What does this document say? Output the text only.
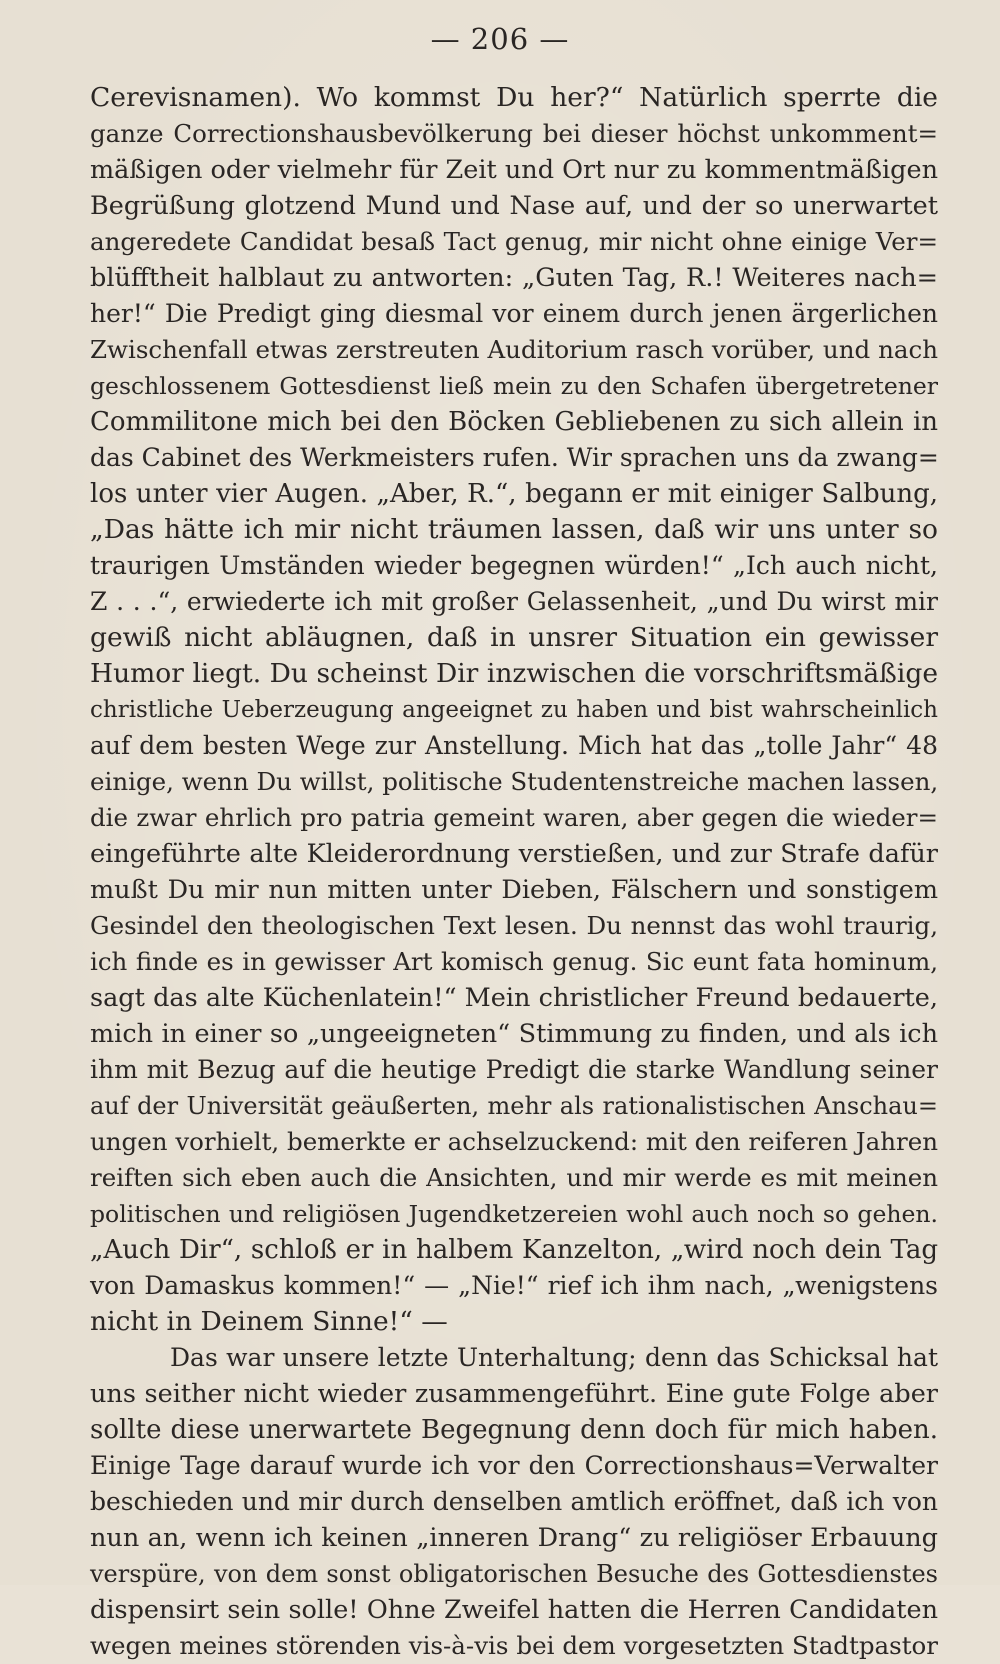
— 206 —
Cerevisnamen). Wo kommst Du her?“ Natürlich sperrte die
ganze Correctionshausbevölkerung bei dieser höchst unkomment=
mäßigen oder vielmehr für Zeit und Ort nur zu kommentmäßigen
Begrüßung glotzend Mund und Nase auf, und der so unerwartet
angeredete Candidat besaß Tact genug, mir nicht ohne einige Ver=
blüfftheit halblaut zu antworten: „Guten Tag, R.! Weiteres nach=
her!“ Die Predigt ging diesmal vor einem durch jenen ärgerlichen
Zwischenfall etwas zerstreuten Auditorium rasch vorüber, und nach
geschlossenem Gottesdienst ließ mein zu den Schafen übergetretener
Commilitone mich bei den Böcken Gebliebenen zu sich allein in
das Cabinet des Werkmeisters rufen. Wir sprachen uns da zwang=
los unter vier Augen. „Aber, R.“, begann er mit einiger Salbung,
„Das hätte ich mir nicht träumen lassen, daß wir uns unter so
traurigen Umständen wieder begegnen würden!“ „Ich auch nicht,
Z . . .“, erwiederte ich mit großer Gelassenheit, „und Du wirst mir
gewiß nicht abläugnen, daß in unsrer Situation ein gewisser
Humor liegt. Du scheinst Dir inzwischen die vorschriftsmäßige
christliche Ueberzeugung angeeignet zu haben und bist wahrscheinlich
auf dem besten Wege zur Anstellung. Mich hat das „tolle Jahr“ 48
einige, wenn Du willst, politische Studentenstreiche machen lassen,
die zwar ehrlich pro patria gemeint waren, aber gegen die wieder=
eingeführte alte Kleiderordnung verstießen, und zur Strafe dafür
mußt Du mir nun mitten unter Dieben, Fälschern und sonstigem
Gesindel den theologischen Text lesen. Du nennst das wohl traurig,
ich finde es in gewisser Art komisch genug. Sic eunt fata hominum,
sagt das alte Küchenlatein!“ Mein christlicher Freund bedauerte,
mich in einer so „ungeeigneten“ Stimmung zu finden, und als ich
ihm mit Bezug auf die heutige Predigt die starke Wandlung seiner
auf der Universität geäußerten, mehr als rationalistischen Anschau=
ungen vorhielt, bemerkte er achselzuckend: mit den reiferen Jahren
reiften sich eben auch die Ansichten, und mir werde es mit meinen
politischen und religiösen Jugendketzereien wohl auch noch so gehen.
„Auch Dir“, schloß er in halbem Kanzelton, „wird noch dein Tag
von Damaskus kommen!“ — „Nie!“ rief ich ihm nach, „wenigstens
nicht in Deinem Sinne!“ —
Das war unsere letzte Unterhaltung; denn das Schicksal hat
uns seither nicht wieder zusammengeführt. Eine gute Folge aber
sollte diese unerwartete Begegnung denn doch für mich haben.
Einige Tage darauf wurde ich vor den Correctionshaus=Verwalter
beschieden und mir durch denselben amtlich eröffnet, daß ich von
nun an, wenn ich keinen „inneren Drang“ zu religiöser Erbauung
verspüre, von dem sonst obligatorischen Besuche des Gottesdienstes
dispensirt sein solle! Ohne Zweifel hatten die Herren Candidaten
wegen meines störenden vis-à-vis bei dem vorgesetzten Stadtpastor
